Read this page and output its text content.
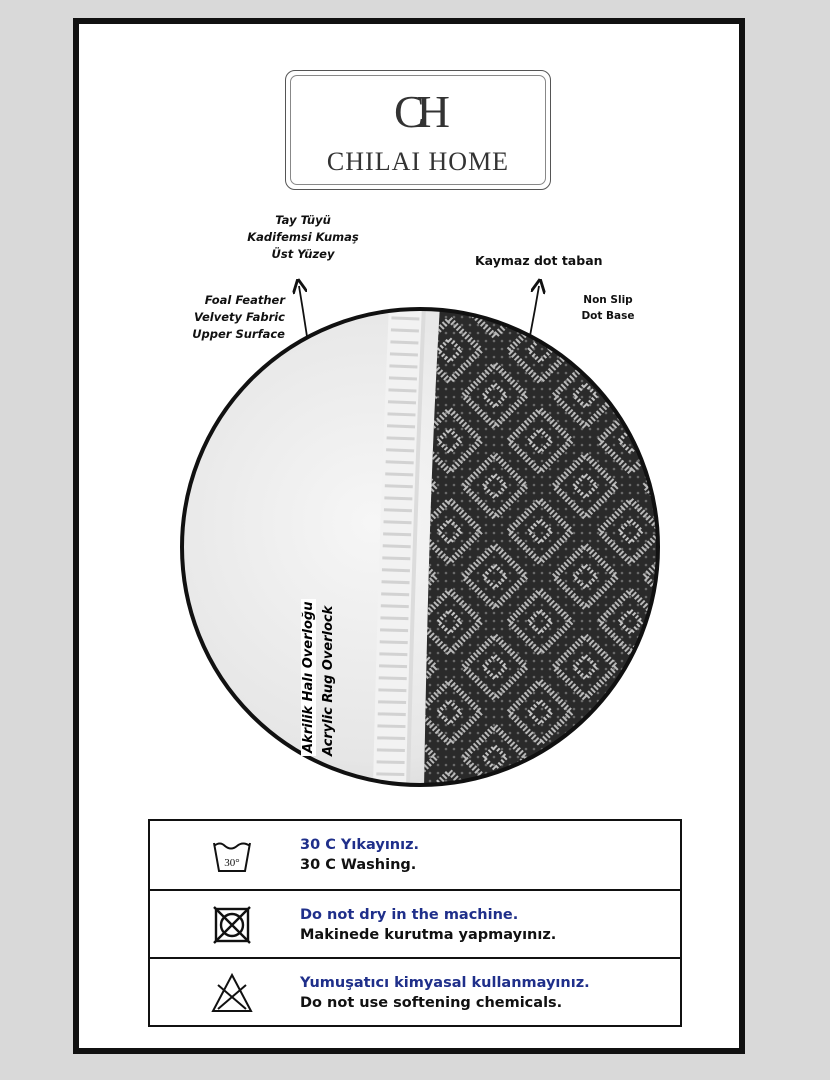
CH
CHILAI HOME
Tay Tüyü
Kadifemsi Kumaş
Üst Yüzey
Foal Feather
Velvety Fabric
Upper Surface
Kaymaz dot taban
Non Slip
Dot Base
Akrilik Halı Overloğu Acrylic Rug Overlock
30°
30 C Yıkayınız.
30 C Washing.
Do not dry in the machine.
Makinede kurutma yapmayınız.
Yumuşatıcı kimyasal kullanmayınız.
Do not use softening chemicals.
